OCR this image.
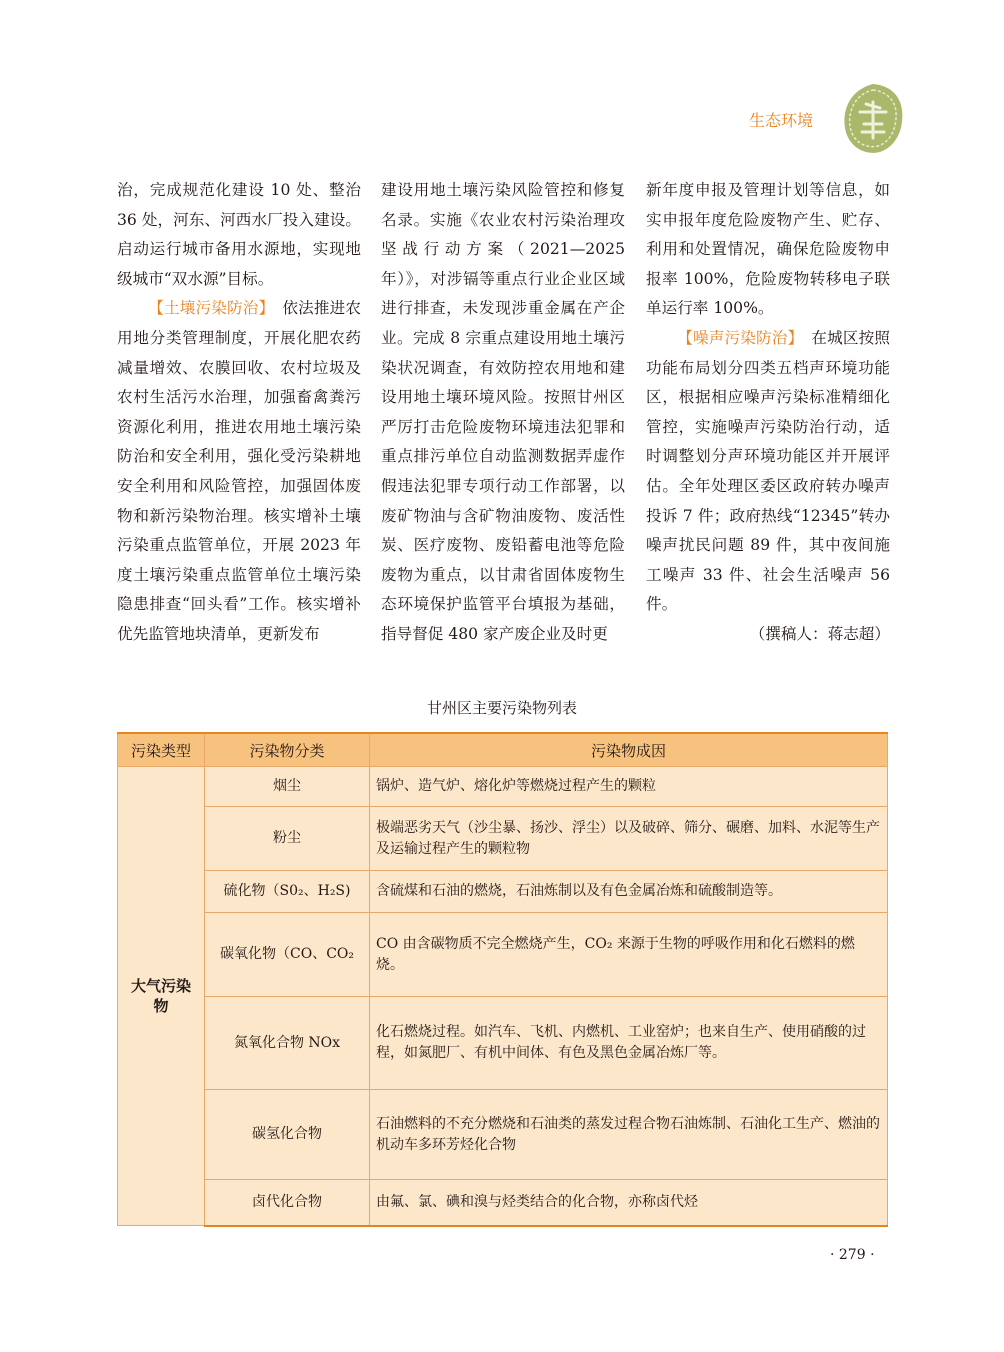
生态环境

治，完成规范化建设 10 处、整治 36 处，河东、河西水厂投入建设。启动运行城市备用水源地，实现地级城市“双水源”目标。

【土壤污染防治】　依法推进农用地分类管理制度，开展化肥农药减量增效、农膜回收、农村垃圾及农村生活污水治理，加强畜禽粪污资源化利用，推进农用地土壤污染防治和安全利用，强化受污染耕地安全利用和风险管控，加强固体废物和新污染物治理。核实增补土壤污染重点监管单位，开展 2023 年度土壤污染重点监管单位土壤污染隐患排查“回头看”工作。核实增补优先监管地块清单，更新发布

建设用地土壤污染风险管控和修复名录。实施《农业农村污染治理攻坚战行动方案（2021—2025 年）》，对涉镉等重点行业企业区域进行排查，未发现涉重金属在产企业。完成 8 宗重点建设用地土壤污染状况调查，有效防控农用地和建设用地土壤环境风险。按照甘州区严厉打击危险废物环境违法犯罪和重点排污单位自动监测数据弄虚作假违法犯罪专项行动工作部署，以废矿物油与含矿物油废物、废活性炭、医疗废物、废铅蓄电池等危险废物为重点，以甘肃省固体废物生态环境保护监管平台填报为基础，指导督促 480 家产废企业及时更

新年度申报及管理计划等信息，如实申报年度危险废物产生、贮存、利用和处置情况，确保危险废物申报率 100%，危险废物转移电子联单运行率 100%。

【噪声污染防治】　在城区按照功能布局划分四类五档声环境功能区，根据相应噪声污染标准精细化管控，实施噪声污染防治行动，适时调整划分声环境功能区并开展评估。全年处理区委区政府转办噪声投诉 7 件；政府热线“12345”转办噪声扰民问题 89 件，其中夜间施工噪声 33 件、社会生活噪声 56 件。

（撰稿人：蒋志超）

甘州区主要污染物列表
污染类型	污染物分类	污染物成因
大气污染物	烟尘	锅炉、造气炉、熔化炉等燃烧过程产生的颗粒
	粉尘	极端恶劣天气（沙尘暴、扬沙、浮尘）以及破碎、筛分、碾磨、加料、水泥等生产及运输过程产生的颗粒物
	硫化物（S0₂、H₂S)	含硫煤和石油的燃烧，石油炼制以及有色金属冶炼和硫酸制造等。
	碳氧化物（CO、CO₂	CO 由含碳物质不完全燃烧产生，CO₂ 来源于生物的呼吸作用和化石燃料的燃烧。
	氮氧化合物 NOx	化石燃烧过程。如汽车、飞机、内燃机、工业窑炉；也来自生产、使用硝酸的过程，如氮肥厂、有机中间体、有色及黑色金属冶炼厂等。
	碳氢化合物	石油燃料的不充分燃烧和石油类的蒸发过程合物石油炼制、石油化工生产、燃油的机动车多环芳烃化合物
	卤代化合物	由氟、氯、碘和溴与烃类结合的化合物，亦称卤代烃
· 279 ·
